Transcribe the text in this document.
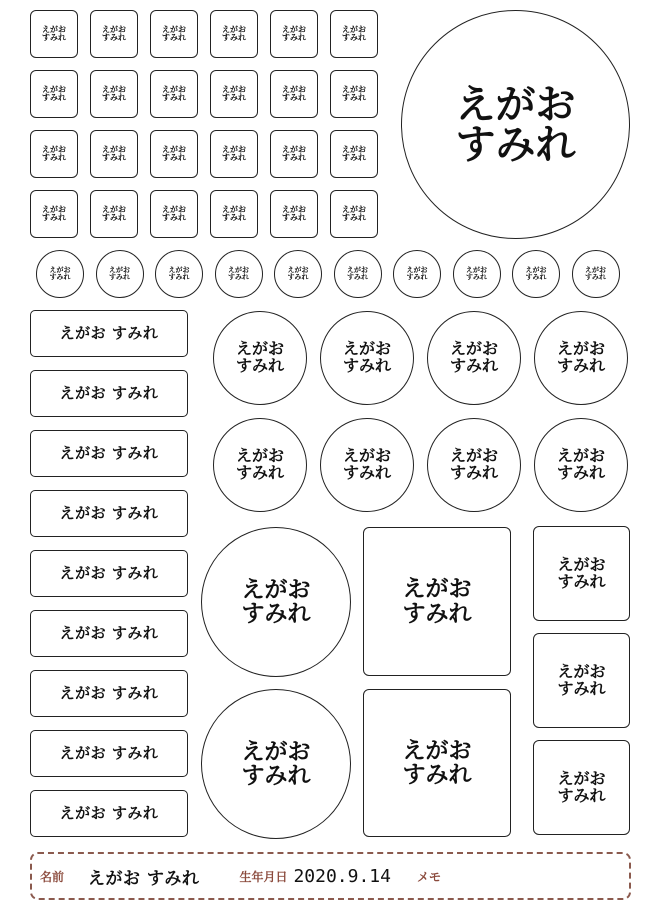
えがお
すみれ
えがお
すみれ
えがお
すみれ
えがお
すみれ
えがお
すみれ
えがお
すみれ
えがお
すみれ
えがお
すみれ
えがお
すみれ
えがお
すみれ
えがお
すみれ
えがお
すみれ
えがお
すみれ
えがお
すみれ
えがお
すみれ
えがお
すみれ
えがお
すみれ
えがお
すみれ
えがお
すみれ
えがお
すみれ
えがお
すみれ
えがお
すみれ
えがお
すみれ
えがお
すみれ
えがお
すみれ
えがお
すみれ
えがお
すみれ
えがお
すみれ
えがお
すみれ
えがお
すみれ
えがお
すみれ
えがお
すみれ
えがお
すみれ
えがお
すみれ
えがお
すみれ
えがお すみれ
えがお すみれ
えがお すみれ
えがお すみれ
えがお すみれ
えがお すみれ
えがお すみれ
えがお すみれ
えがお すみれ
えがお
すみれ
えがお
すみれ
えがお
すみれ
えがお
すみれ
えがお
すみれ
えがお
すみれ
えがお
すみれ
えがお
すみれ
えがお
すみれ
えがお
すみれ
えがお
すみれ
えがお
すみれ
えがお
すみれ
えがお
すみれ
えがお
すみれ
名前 えがお すみれ	生年月日 2020.9.14 メモ
